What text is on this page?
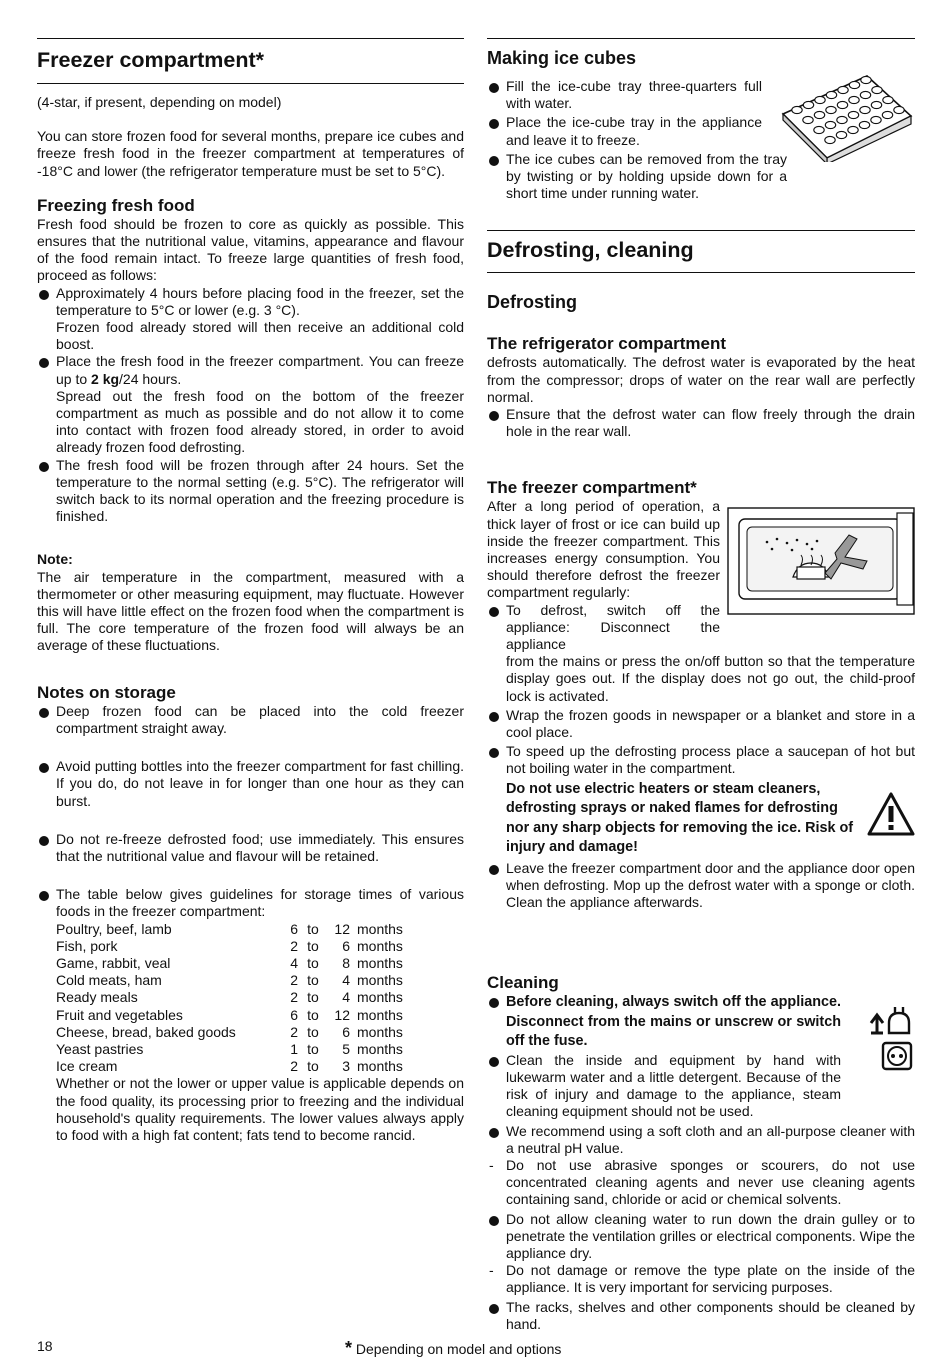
Freezer compartment*

(4-star, if present, depending on model)

You can store frozen food for several months, prepare ice cubes and freeze fresh food in the freezer compartment at temperatures of -18°C and lower (the refrigerator temperature must be set to 5°C).

Freezing fresh food

Fresh food should be frozen to core as quickly as possible. This ensures that the nutritional value, vitamins, appearance and flavour of the food remain intact. To freeze large quantities of fresh food, proceed as follows:

Approximately 4 hours before placing food in the freezer, set the temperature to 5°C or lower (e.g. 3 °C).
Frozen food already stored will then receive an additional cold boost.
Place the fresh food in the freezer compartment. You can freeze up to 2 kg/24 hours.
Spread out the fresh food on the bottom of the freezer compartment as much as possible and do not allow it to come into contact with frozen food already stored, in order to avoid already frozen food defrosting.
The fresh food will be frozen through after 24 hours. Set the temperature to the normal setting (e.g. 5°C). The refrigerator will switch back to its normal operation and the freezing procedure is finished.
Note:

The air temperature in the compartment, measured with a thermometer or other measuring equipment, may fluctuate. However this will have little effect on the frozen food when the compartment is full. The core temperature of the frozen food will always be an average of these fluctuations.

Notes on storage
Deep frozen food can be placed into the cold freezer compartment straight away.
Avoid putting bottles into the freezer compartment for fast chilling. If you do, do not leave in for longer than one hour as they can burst.
Do not re-freeze defrosted food; use immediately. This ensures that the nutritional value and flavour will be retained.
The table below gives guidelines for storage times of various foods in the freezer compartment:
Poultry, beef, lamb	6	to	12	months
Fish, pork	2	to	6	months
Game, rabbit, veal	4	to	8	months
Cold meats, ham	2	to	4	months
Ready meals	2	to	4	months
Fruit and vegetables	6	to	12	months
Cheese, bread, baked goods	2	to	6	months
Yeast pastries	1	to	5	months
Ice cream	2	to	3	months

Whether or not the lower or upper value is applicable depends on the food quality, its processing prior to freezing and the individual household's quality requirements. The lower values always apply to food with a high fat content; fats tend to become rancid.

Making ice cubes
Fill the ice-cube tray three-quarters full with water.
Place the ice-cube tray in the appliance and leave it to freeze.
The ice cubes can be removed from the tray by twisting or by holding upside down for a short time under running water.
Defrosting, cleaning
Defrosting
The refrigerator compartment

defrosts automatically. The defrost water is evaporated by the heat from the compressor; drops of water on the rear wall are perfectly normal.

Ensure that the defrost water can flow freely through the drain hole in the rear wall.
The freezer compartment*

After a long period of operation, a thick layer of frost or ice can build up inside the freezer compartment. This increases energy consumption. You should therefore defrost the freezer compartment regularly:

To defrost, switch off the appliance: Disconnect the appliance
from the mains or press the on/off button so that the temperature display goes out. If the display does not go out, the child-proof lock is activated.
Wrap the frozen goods in newspaper or a blanket and store in a cool place.
To speed up the defrosting process place a saucepan of hot but not boiling water in the compartment.
Do not use electric heaters or steam cleaners, defrosting sprays or naked flames for defrosting nor any sharp objects for removing the ice. Risk of injury and damage!
Leave the freezer compartment door and the appliance door open when defrosting. Mop up the defrost water with a sponge or cloth. Clean the appliance afterwards.
Cleaning
Before cleaning, always switch off the appliance. Disconnect from the mains or unscrew or switch off the fuse.
Clean the inside and equipment by hand with lukewarm water and a little detergent. Because of the risk of injury and damage to the appliance, steam cleaning equipment should not be used.
We recommend using a soft cloth and an all-purpose cleaner with a neutral pH value.
- Do not use abrasive sponges or scourers, do not use concentrated cleaning agents and never use cleaning agents containing sand, chloride or acid or chemical solvents.
Do not allow cleaning water to run down the drain gulley or to penetrate the ventilation grilles or electrical components. Wipe the appliance dry.
- Do not damage or remove the type plate on the inside of the appliance. It is very important for servicing purposes.
The racks, shelves and other components should be cleaned by hand.
18	* Depending on model and options
